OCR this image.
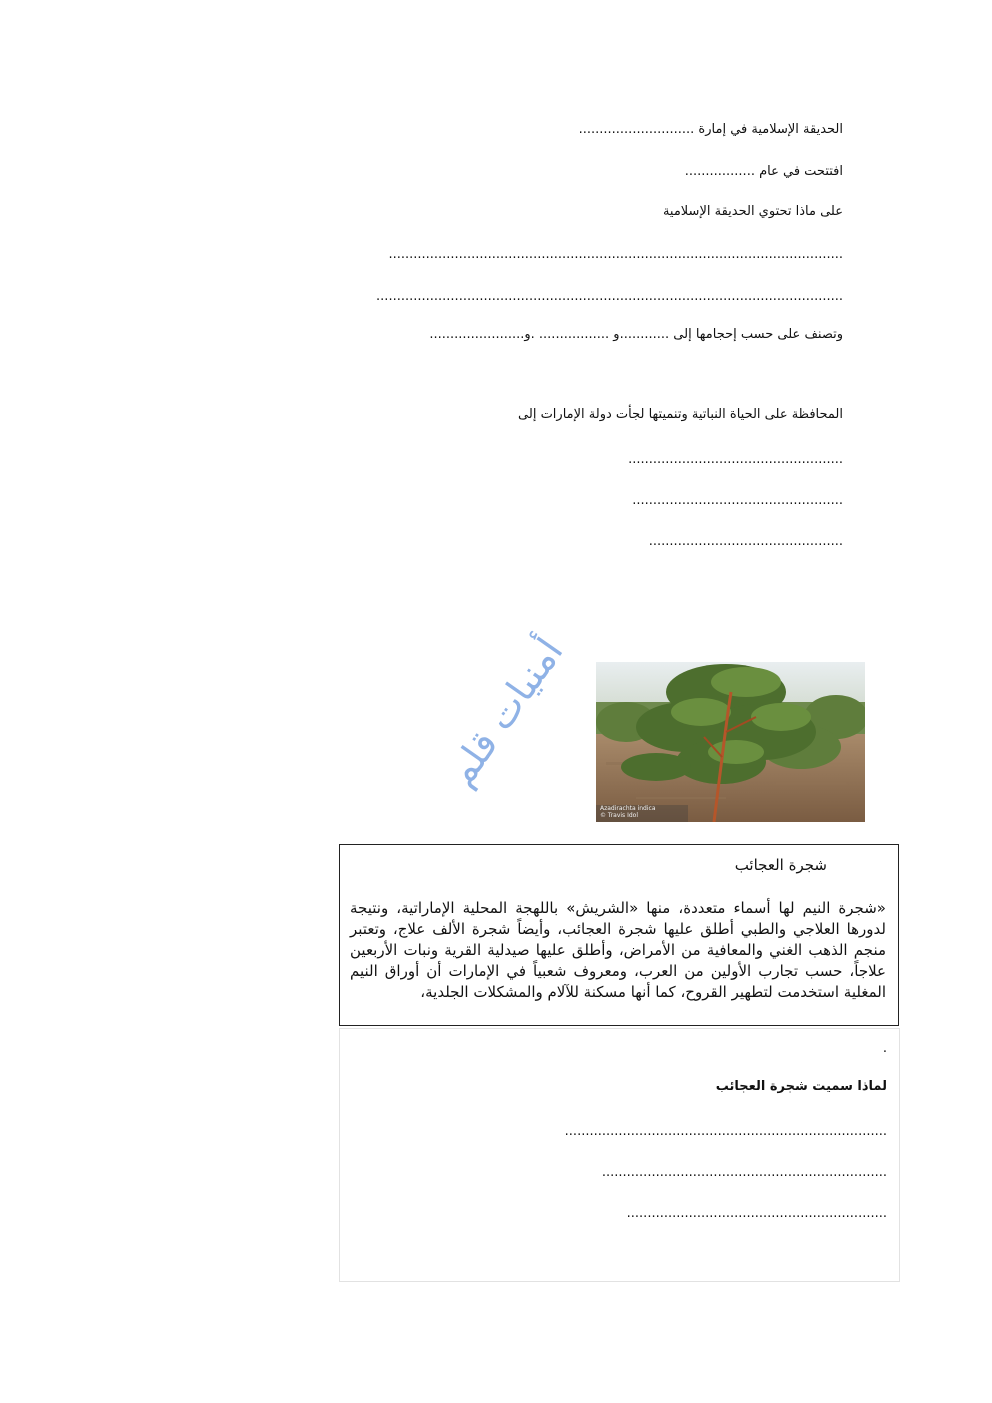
الحديقة الإسلامية في إمارة ............................
افتتحت في عام .................
على ماذا تحتوي الحديقة الإسلامية
..............................................................................................................
.................................................................................................................
وتصنف على حسب إحجامها إلى ............و ................. .و.......................
المحافظة على الحياة النباتية وتنميتها لجأت دولة الإمارات إلى
....................................................
...................................................
...............................................
أمنيات قلم
Azadirachta indica
© Travis Idol
شجرة العجائب
«شجرة النيم لها أسماء متعددة، منها «الشريش» باللهجة المحلية الإماراتية، ونتيجة لدورها العلاجي والطبي أطلق عليها شجرة العجائب، وأيضاً شجرة الألف علاج، وتعتبر منجم الذهب الغني والمعافية من الأمراض، وأطلق عليها صيدلية القرية ونبات الأربعين علاجاً، حسب تجارب الأولين من العرب، ومعروف شعبياً في الإمارات أن أوراق النيم المغلية استخدمت لتطهير القروح، كما أنها مسكنة للآلام والمشكلات الجلدية،
.
لماذا سميت شجرة العجائب
..............................................................................
.....................................................................
...............................................................
